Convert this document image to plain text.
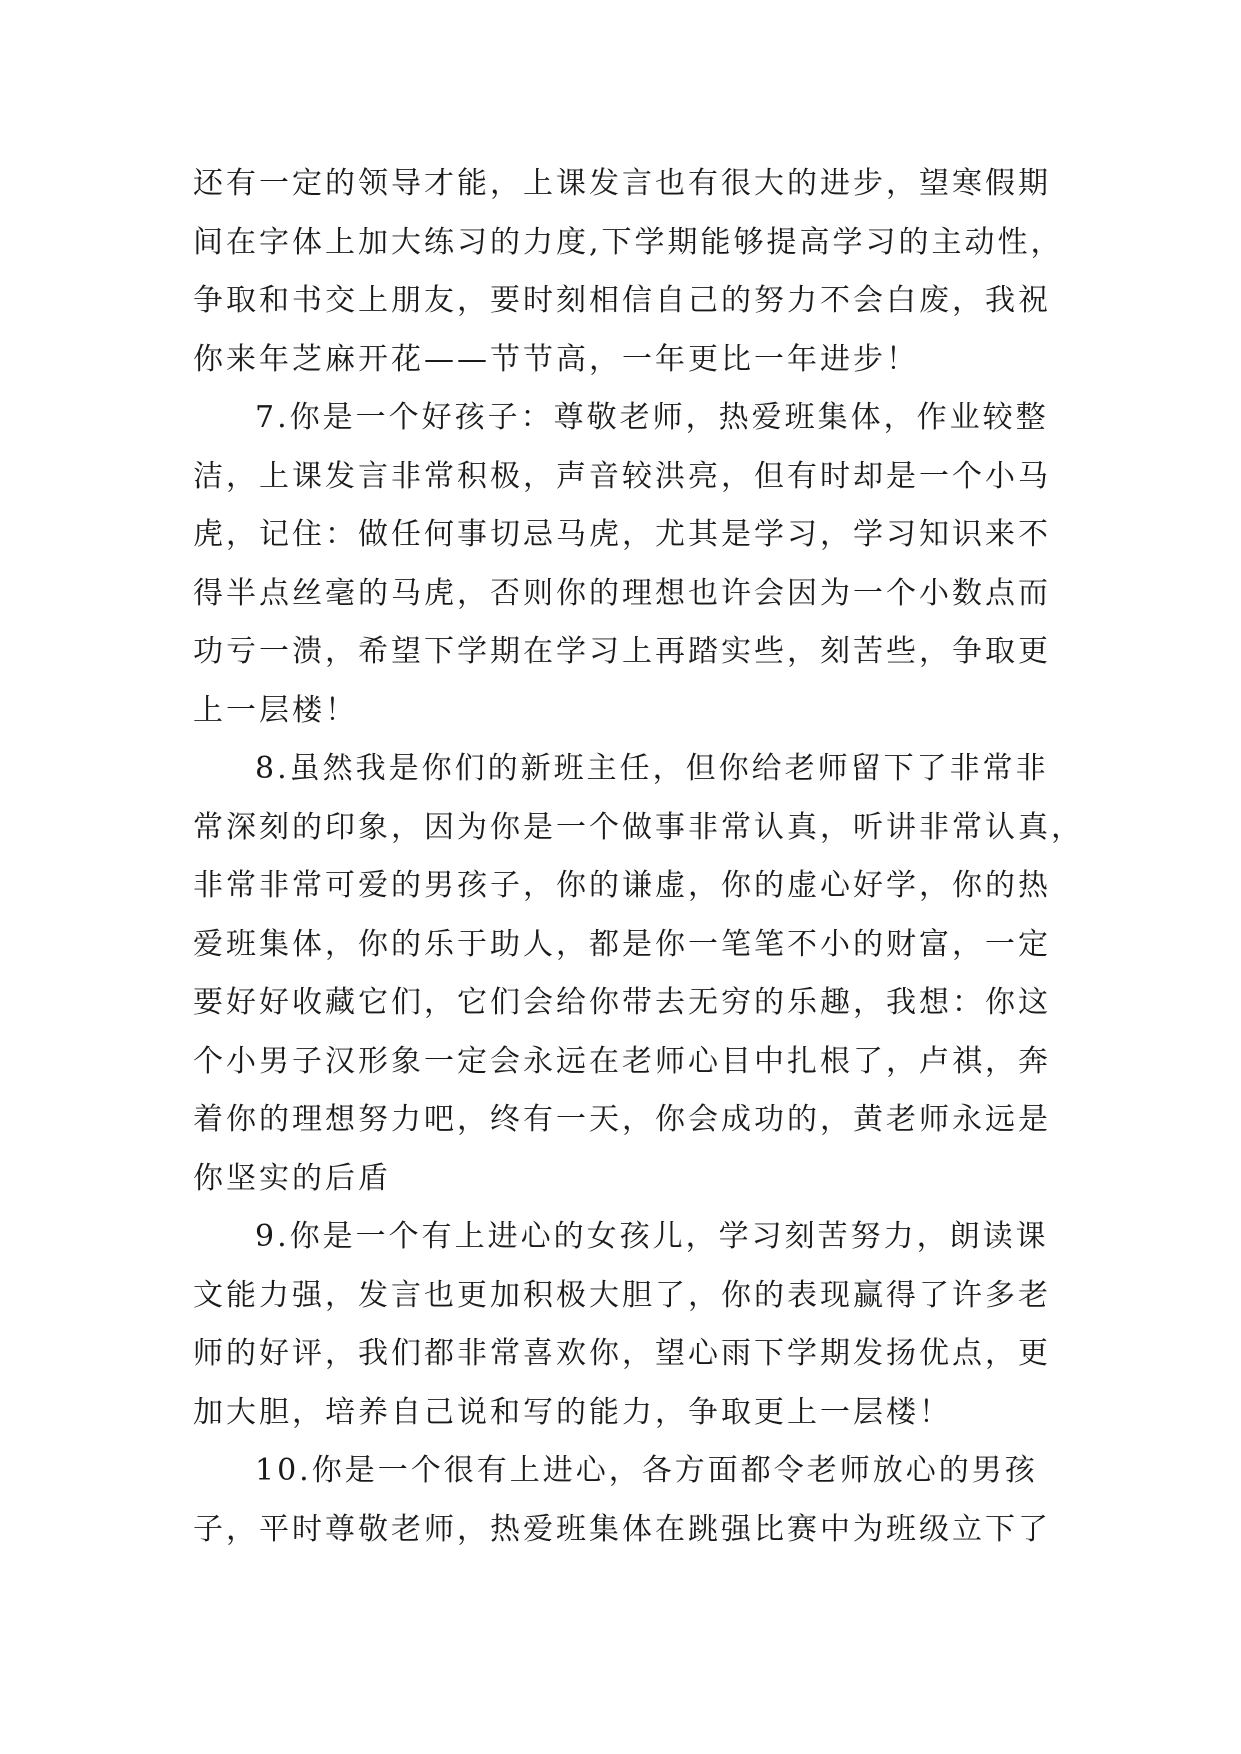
还有一定的领导才能，上课发言也有很大的进步，望寒假期
间在字体上加大练习的力度,下学期能够提高学习的主动性，
争取和书交上朋友，要时刻相信自己的努力不会白废，我祝
你来年芝麻开花——节节高，一年更比一年进步！
7.你是一个好孩子：尊敬老师，热爱班集体，作业较整
洁，上课发言非常积极，声音较洪亮，但有时却是一个小马
虎，记住：做任何事切忌马虎，尤其是学习，学习知识来不
得半点丝毫的马虎，否则你的理想也许会因为一个小数点而
功亏一溃，希望下学期在学习上再踏实些，刻苦些，争取更
上一层楼！
8.虽然我是你们的新班主任，但你给老师留下了非常非
常深刻的印象，因为你是一个做事非常认真，听讲非常认真，
非常非常可爱的男孩子，你的谦虚，你的虚心好学，你的热
爱班集体，你的乐于助人，都是你一笔笔不小的财富，一定
要好好收藏它们，它们会给你带去无穷的乐趣，我想：你这
个小男子汉形象一定会永远在老师心目中扎根了，卢祺，奔
着你的理想努力吧，终有一天，你会成功的，黄老师永远是
你坚实的后盾
9.你是一个有上进心的女孩儿，学习刻苦努力，朗读课
文能力强，发言也更加积极大胆了，你的表现赢得了许多老
师的好评，我们都非常喜欢你，望心雨下学期发扬优点，更
加大胆，培养自己说和写的能力，争取更上一层楼！
10.你是一个很有上进心，各方面都令老师放心的男孩
子，平时尊敬老师，热爱班集体在跳强比赛中为班级立下了
